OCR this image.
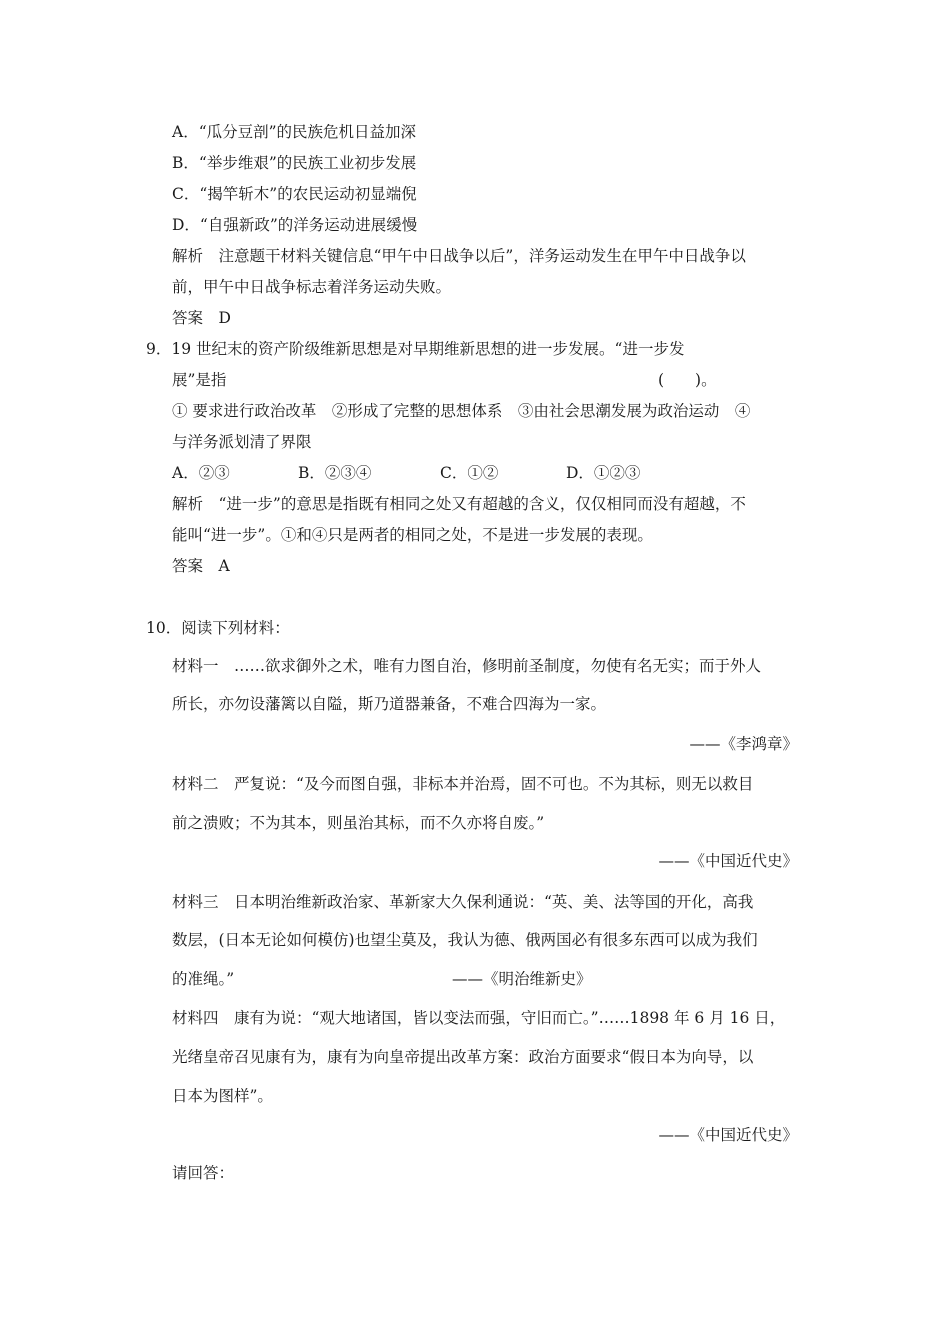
A．“瓜分豆剖”的民族危机日益加深
B．“举步维艰”的民族工业初步发展
C．“揭竿斩木”的农民运动初显端倪
D．“自强新政”的洋务运动进展缓慢
解析　注意题干材料关键信息“甲午中日战争以后”，洋务运动发生在甲午中日战争以
前，甲午中日战争标志着洋务运动失败。
答案　D
9．19 世纪末的资产阶级维新思想是对早期维新思想的进一步发展。“进一步发
展”是指	(　　)。
① 要求进行政治改革　②形成了完整的思想体系　③由社会思潮发展为政治运动　④
与洋务派划清了界限
A．②③	B．②③④	C．①②	D．①②③
解析　“进一步”的意思是指既有相同之处又有超越的含义，仅仅相同而没有超越，不
能叫“进一步”。①和④只是两者的相同之处，不是进一步发展的表现。
答案　A
10．阅读下列材料：
材料一　……欲求御外之术，唯有力图自治，修明前圣制度，勿使有名无实；而于外人
所长，亦勿设藩篱以自隘，斯乃道器兼备，不难合四海为一家。
——《李鸿章》
材料二　严复说：“及今而图自强，非标本并治焉，固不可也。不为其标，则无以救目
前之溃败；不为其本，则虽治其标，而不久亦将自废。”
——《中国近代史》
材料三　日本明治维新政治家、革新家大久保利通说：“英、美、法等国的开化，高我
数层，(日本无论如何模仿)也望尘莫及，我认为德、俄两国必有很多东西可以成为我们
的准绳。”	——《明治维新史》
材料四　康有为说：“观大地诸国，皆以变法而强，守旧而亡。”……1898 年 6 月 16 日，
光绪皇帝召见康有为，康有为向皇帝提出改革方案：政治方面要求“假日本为向导，以
日本为图样”。
——《中国近代史》
请回答：
